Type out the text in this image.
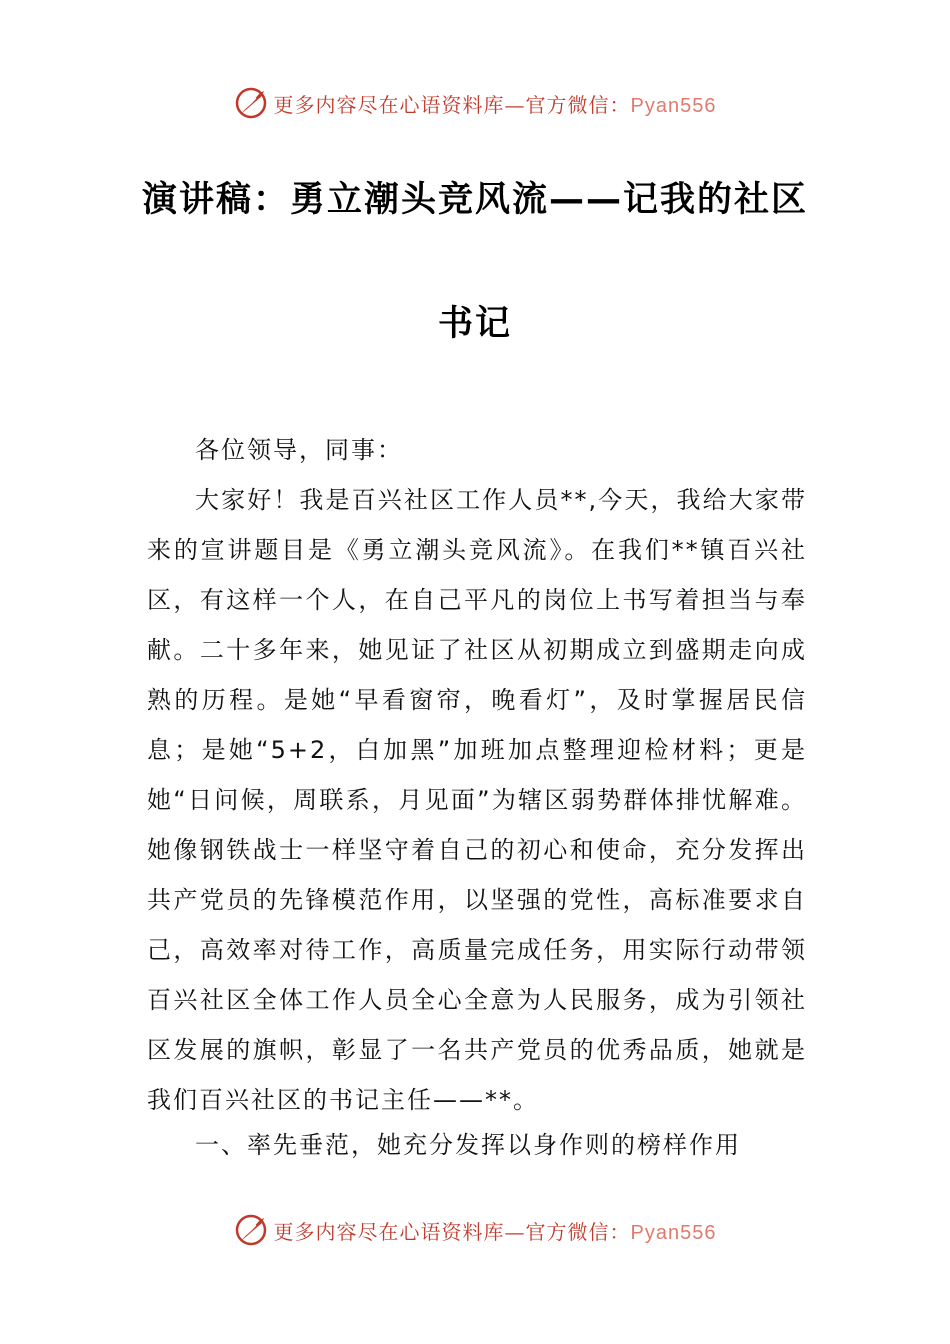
更多内容尽在心语资料库—官方微信：Pyan556
演讲稿：勇立潮头竞风流——记我的社区
书记
各位领导，同事：
大家好！我是百兴社区工作人员**,今天，我给大家带来的宣讲题目是《勇立潮头竞风流》。在我们**镇百兴社区，有这样一个人，在自己平凡的岗位上书写着担当与奉献。二十多年来，她见证了社区从初期成立到盛期走向成熟的历程。是她“早看窗帘，晚看灯”，及时掌握居民信息；是她“5+2，白加黑”加班加点整理迎检材料；更是她“日问候，周联系，月见面”为辖区弱势群体排忧解难。她像钢铁战士一样坚守着自己的初心和使命，充分发挥出共产党员的先锋模范作用，以坚强的党性，高标准要求自己，高效率对待工作，高质量完成任务，用实际行动带领百兴社区全体工作人员全心全意为人民服务，成为引领社区发展的旗帜，彰显了一名共产党员的优秀品质，她就是我们百兴社区的书记主任——**。
一、率先垂范，她充分发挥以身作则的榜样作用
更多内容尽在心语资料库—官方微信：Pyan556
